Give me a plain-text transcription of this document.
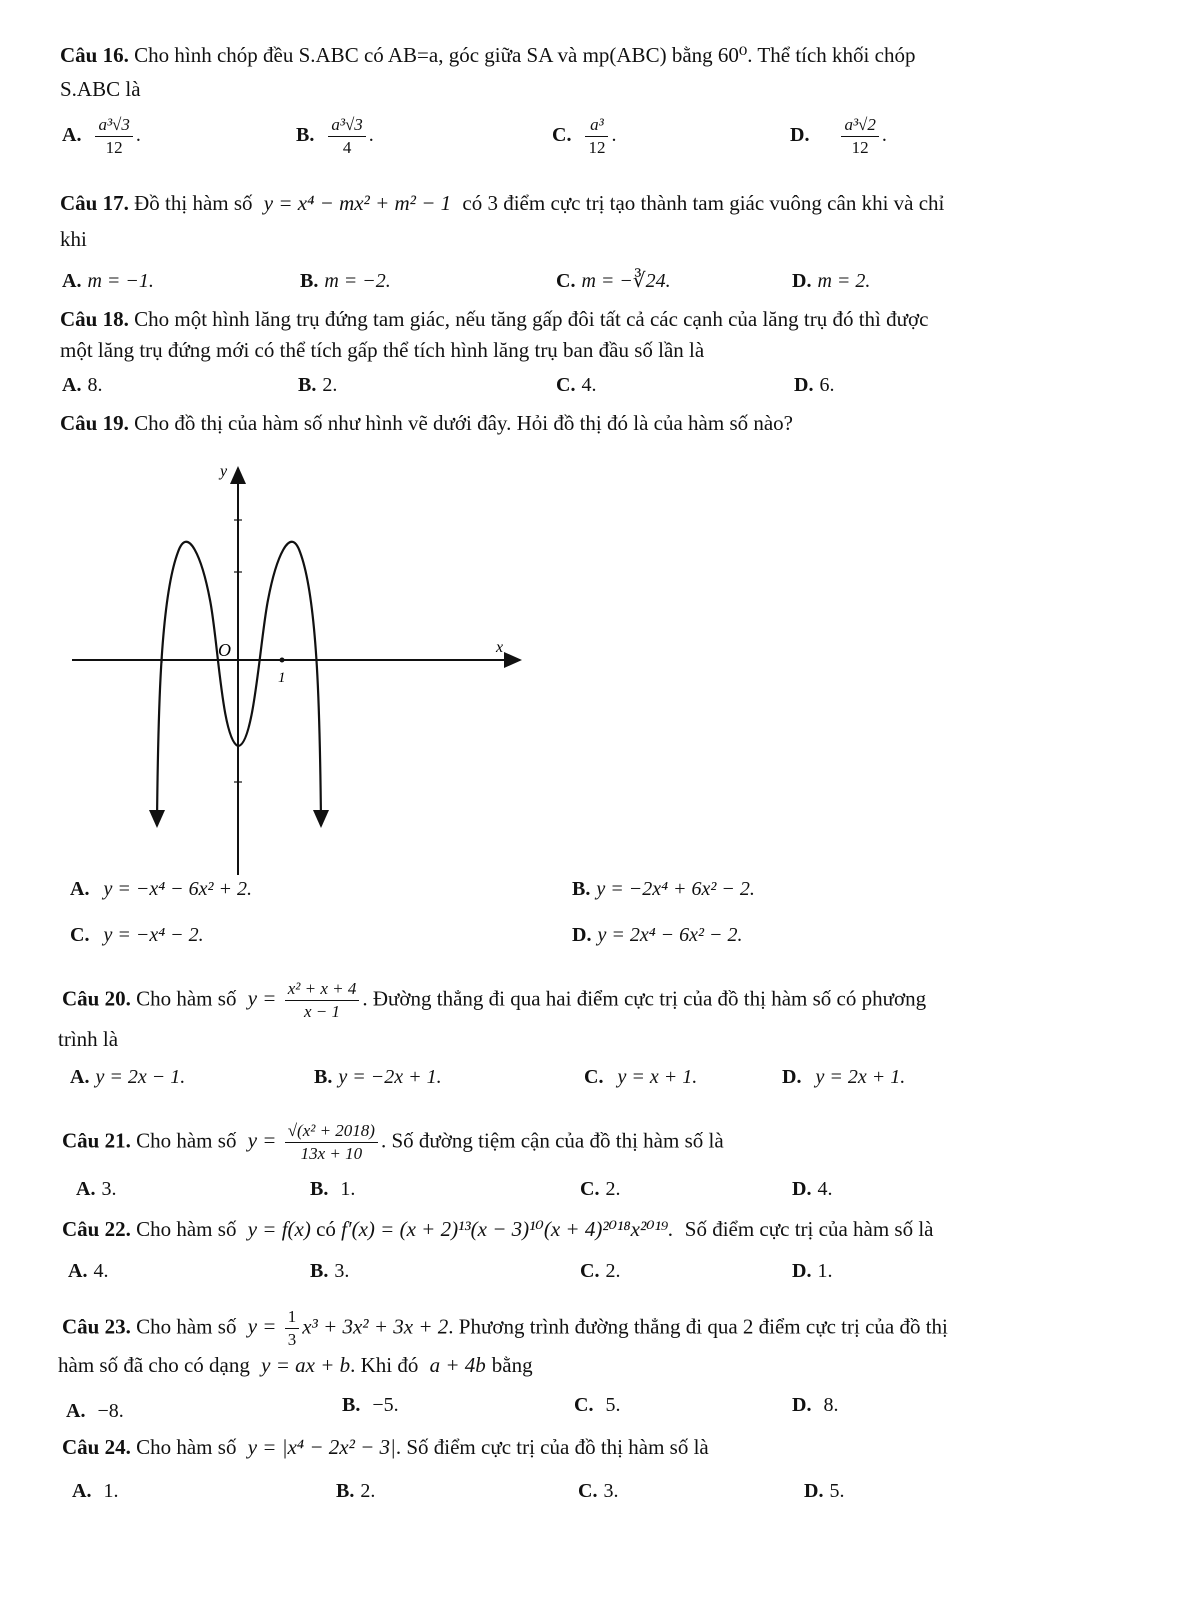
Câu 16. Cho hình chóp đều S.ABC có AB=a, góc giữa SA và mp(ABC) bằng 60⁰. Thể tích khối chóp
S.ABC là
A. $\frac{\text{a³√3}}{12}$ .	B. $\frac{\text{a³√3}}{4}$ .	C. $\frac{\text{a³}}{12}$ .	D. $\frac{\text{a³√2}}{12}$ .
Câu 17. Đồ thị hàm số y = x⁴ − mx² + m² − 1 có 3 điểm cực trị tạo thành tam giác vuông cân khi và chỉ
khi
A. m = −1.	B. m = −2.	C. m = −∛24.	D. m = 2.
Câu 18. Cho một hình lăng trụ đứng tam giác, nếu tăng gấp đôi tất cả các cạnh của lăng trụ đó thì được
một lăng trụ đứng mới có thể tích gấp thể tích hình lăng trụ ban đầu số lần là
A. 8.	B. 2.	C. 4.	D. 6.
Câu 19. Cho đồ thị của hàm số như hình vẽ dưới đây. Hỏi đồ thị đó là của hàm số nào?
y
x
O
1
A. y = −x⁴ − 6x² + 2.	B. y = −2x⁴ + 6x² − 2.
C. y = −x⁴ − 2.	D. y = 2x⁴ − 6x² − 2.
Câu 20. Cho hàm số $y = \frac{\text{x² + x + 4}}{x - 1}$ . Đường thẳng đi qua hai điểm cực trị của đồ thị hàm số có phương
trình là
A. y = 2x − 1.	B. y = −2x + 1.	C. y = x + 1.	D. y = 2x + 1.
Câu 21. Cho hàm số $y = \frac{\text{√(x² + 2018)}}{13x + 10}$ . Số đường tiệm cận của đồ thị hàm số là
A. 3.	B. 1.	C. 2.	D. 4.
Câu 22. Cho hàm số y = f(x) có f′(x) = (x + 2)¹³(x − 3)¹⁰(x + 4)²⁰¹⁸x²⁰¹⁹. Số điểm cực trị của hàm số là
A. 4.	B. 3.	C. 2.	D. 1.
Câu 23. Cho hàm số $y = \frac{1}{3} x^3 + 3x^2 + 3x + 2$. Phương trình đường thẳng đi qua 2 điểm cực trị của đồ thị
hàm số đã cho có dạng y = ax + b. Khi đó a + 4b bằng
A. −8.	B. −5.	C. 5.	D. 8.
Câu 24. Cho hàm số y = |x⁴ − 2x² − 3|. Số điểm cực trị của đồ thị hàm số là
A. 1.	B. 2.	C. 3.	D. 5.
